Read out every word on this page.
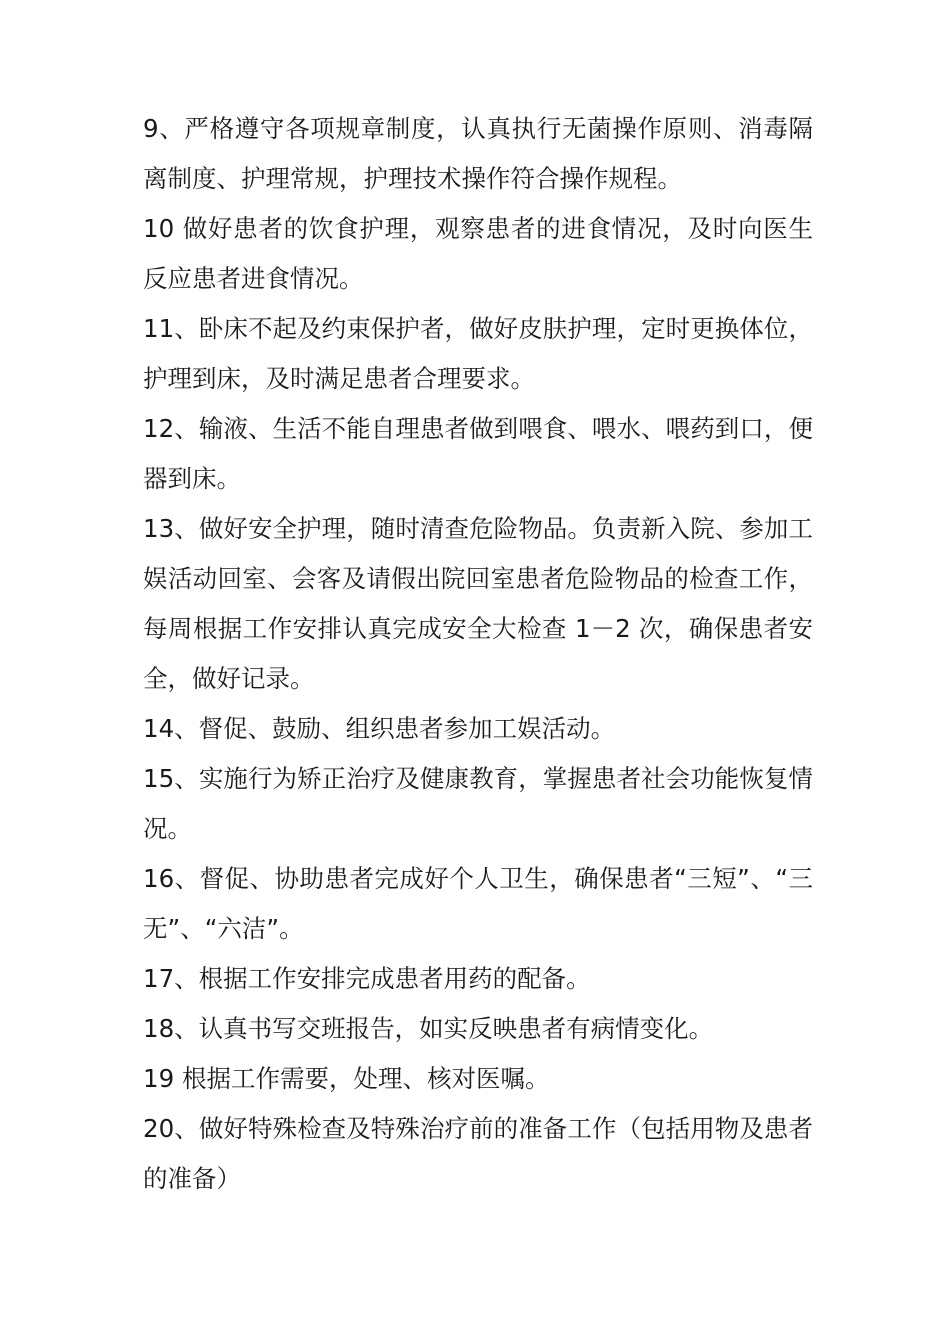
9、严格遵守各项规章制度，认真执行无菌操作原则、消毒隔离制度、护理常规，护理技术操作符合操作规程。

10 做好患者的饮食护理，观察患者的进食情况，及时向医生反应患者进食情况。

11、卧床不起及约束保护者，做好皮肤护理，定时更换体位，护理到床，及时满足患者合理要求。

12、输液、生活不能自理患者做到喂食、喂水、喂药到口，便器到床。

13、做好安全护理，随时清查危险物品。负责新入院、参加工娱活动回室、会客及请假出院回室患者危险物品的检查工作，每周根据工作安排认真完成安全大检查 1－2 次，确保患者安全，做好记录。

14、督促、鼓励、组织患者参加工娱活动。

15、实施行为矫正治疗及健康教育，掌握患者社会功能恢复情况。

16、督促、协助患者完成好个人卫生，确保患者“三短”、“三无”、“六洁”。

17、根据工作安排完成患者用药的配备。

18、认真书写交班报告，如实反映患者有病情变化。

19 根据工作需要，处理、核对医嘱。

20、做好特殊检查及特殊治疗前的准备工作（包括用物及患者的准备）
